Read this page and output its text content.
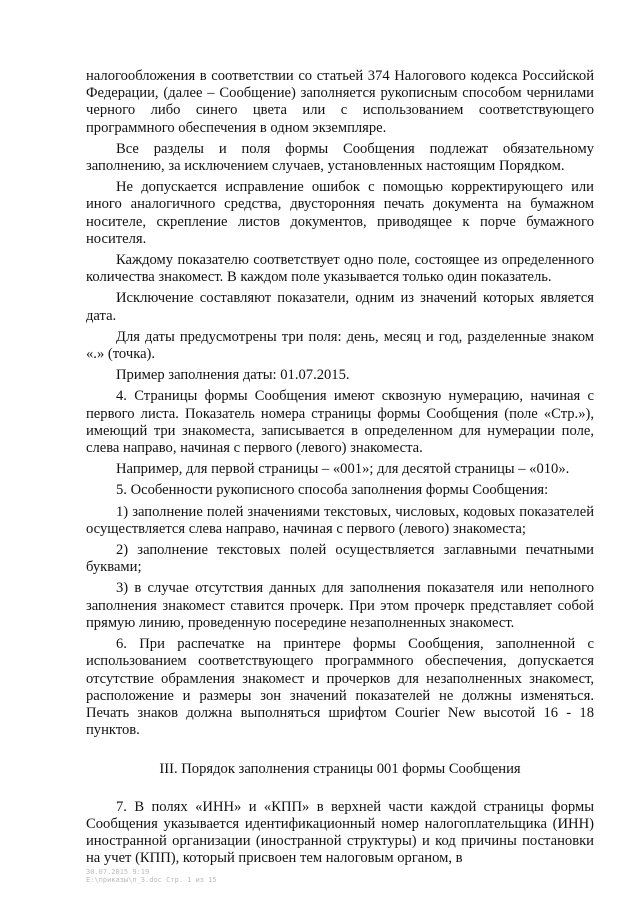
налогообложения в соответствии со статьей 374 Налогового кодекса Российской Федерации, (далее – Сообщение) заполняется рукописным способом чернилами черного либо синего цвета или с использованием соответствующего программного обеспечения в одном экземпляре.

Все разделы и поля формы Сообщения подлежат обязательному заполнению, за исключением случаев, установленных настоящим Порядком.

Не допускается исправление ошибок с помощью корректирующего или иного аналогичного средства, двусторонняя печать документа на бумажном носителе, скрепление листов документов, приводящее к порче бумажного носителя.

Каждому показателю соответствует одно поле, состоящее из определенного количества знакомест. В каждом поле указывается только один показатель.

Исключение составляют показатели, одним из значений которых является дата.

Для даты предусмотрены три поля: день, месяц и год, разделенные знаком «.» (точка).

Пример заполнения даты: 01.07.2015.

4. Страницы формы Сообщения имеют сквозную нумерацию, начиная с первого листа. Показатель номера страницы формы Сообщения (поле «Стр.»), имеющий три знакоместа, записывается в определенном для нумерации поле, слева направо, начиная с первого (левого) знакоместа.

Например, для первой страницы – «001»; для десятой страницы – «010».

5. Особенности рукописного способа заполнения формы Сообщения:

1) заполнение полей значениями текстовых, числовых, кодовых показателей осуществляется слева направо, начиная с первого (левого) знакоместа;

2) заполнение текстовых полей осуществляется заглавными печатными буквами;

3) в случае отсутствия данных для заполнения показателя или неполного заполнения знакомест ставится прочерк. При этом прочерк представляет собой прямую линию, проведенную посередине незаполненных знакомест.

6. При распечатке на принтере формы Сообщения, заполненной с использованием соответствующего программного обеспечения, допускается отсутствие обрамления знакомест и прочерков для незаполненных знакомест, расположение и размеры зон значений показателей не должны изменяться. Печать знаков должна выполняться шрифтом Courier New высотой 16 - 18 пунктов.

III. Порядок заполнения страницы 001 формы Сообщения

7. В полях «ИНН» и «КПП» в верхней части каждой страницы формы Сообщения указывается идентификационный номер налогоплательщика (ИНН) иностранной организации (иностранной структуры) и код причины постановки на учет (КПП), который присвоен тем налоговым органом, в

30.07.2015 9:19
Ε:\приказы\п_3.doc Стр. 1 из 15
